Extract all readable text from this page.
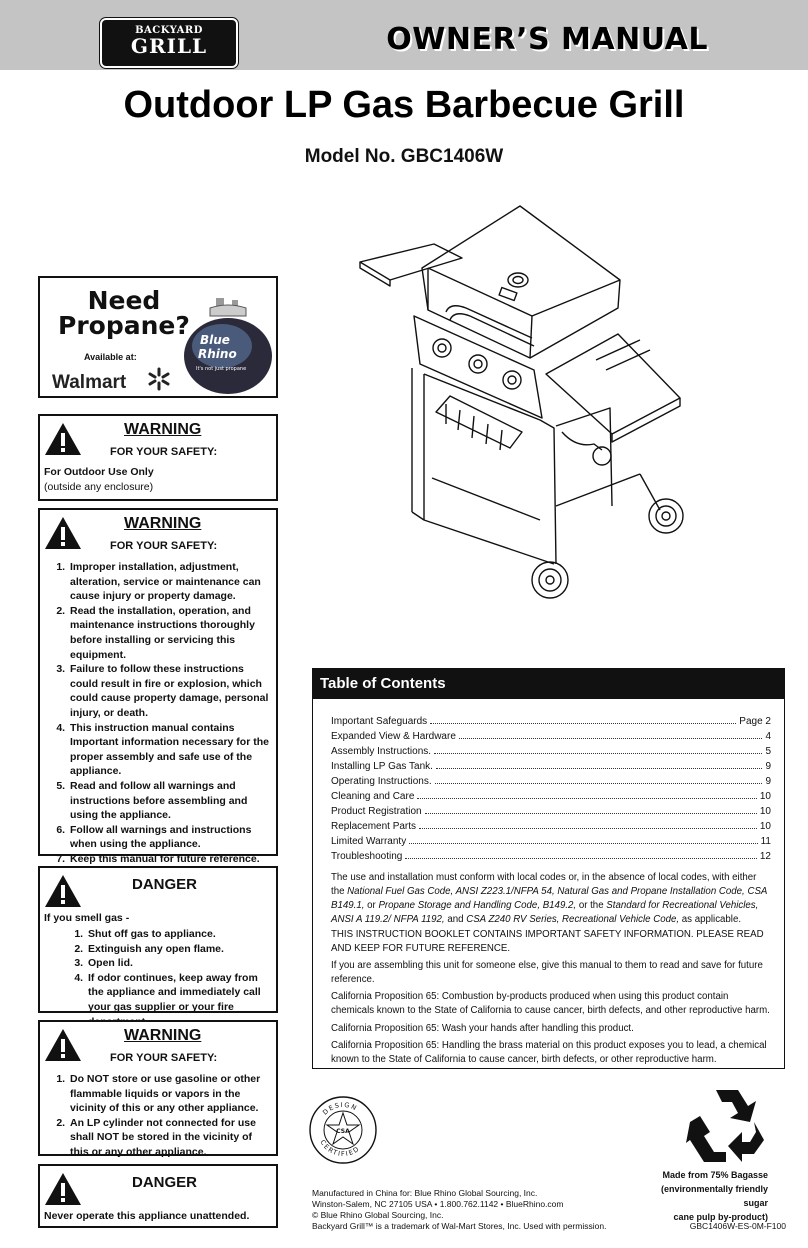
BACKYARD
GRILL	OWNER’S MANUAL
Outdoor LP Gas Barbecue Grill
Model No. GBC1406W
Need
Propane?
Available at:
Walmart
Blue
Rhino
It's not just propane
WARNING
FOR YOUR SAFETY:
For Outdoor Use Only
(outside any enclosure)
WARNING
FOR YOUR SAFETY:
1. Improper installation, adjustment, alteration, service or maintenance can cause injury or property damage.
2. Read the installation, operation, and maintenance instructions thoroughly before installing or servicing this equipment.
3. Failure to follow these instructions could result in fire or explosion, which could cause property damage, personal injury, or death.
4. This instruction manual contains Important information necessary for the proper assembly and safe use of the appliance.
5. Read and follow all warnings and instructions before assembling and using the appliance.
6. Follow all warnings and instructions when using the appliance.
7. Keep this manual for future reference.
DANGER
If you smell gas -
1. Shut off gas to appliance.
2. Extinguish any open flame.
3. Open lid.
4. If odor continues, keep away from the appliance and immediately call your gas supplier or your fire
WARNING
FOR YOUR SAFETY:
1. Do NOT store or use gasoline or other flammable liquids or vapors in the vicinity of this or any other appliance.
2. An LP cylinder not connected for use shall NOT be stored in the vicinity of this or any other appliance.
DANGER
Never operate this appliance unattended.
Table of Contents
Important Safeguards	Page 2
Expanded View & Hardware	4
Assembly Instructions.	5
Installing LP Gas Tank.	9
Operating Instructions.	9
Cleaning and Care	10
Product Registration	10
Replacement Parts	10
Limited Warranty	11
Troubleshooting	12
The use and installation must conform with local codes or, in the absence of local codes, with either the National Fuel Gas Code, ANSI Z223.1/NFPA 54, Natural Gas and Propane Installation Code, CSA B149.1, or Propane Storage and Handling Code, B149.2, or the Standard for Recreational Vehicles, ANSI A 119.2/ NFPA 1192, and CSA Z240 RV Series, Recreational Vehicle Code, as applicable.
THIS INSTRUCTION BOOKLET CONTAINS IMPORTANT SAFETY INFORMATION. PLEASE READ AND KEEP FOR FUTURE REFERENCE.
If you are assembling this unit for someone else, give this manual to them to read and save for future reference.
California Proposition 65: Combustion by-products produced when using this product contain chemicals known to the State of California to cause cancer, birth defects, and other reproductive harm.
California Proposition 65: Wash your hands after handling this product.
California Proposition 65: Handling the brass material on this product exposes you to lead, a chemical known to the State of California to cause cancer, birth defects, or other reproductive harm.
DESIGN
CERTIFIED
CSA
Made from 75% Bagasse
(environmentally friendly sugar
cane pulp by-product)
Manufactured in China for: Blue Rhino Global Sourcing, Inc.
Winston-Salem, NC 27105 USA • 1.800.762.1142 • BlueRhino.com
© Blue Rhino Global Sourcing, Inc.
Backyard Grill™ is a trademark of Wal-Mart Stores, Inc. Used with permission.	GBC1406W-ES-0M-F100
